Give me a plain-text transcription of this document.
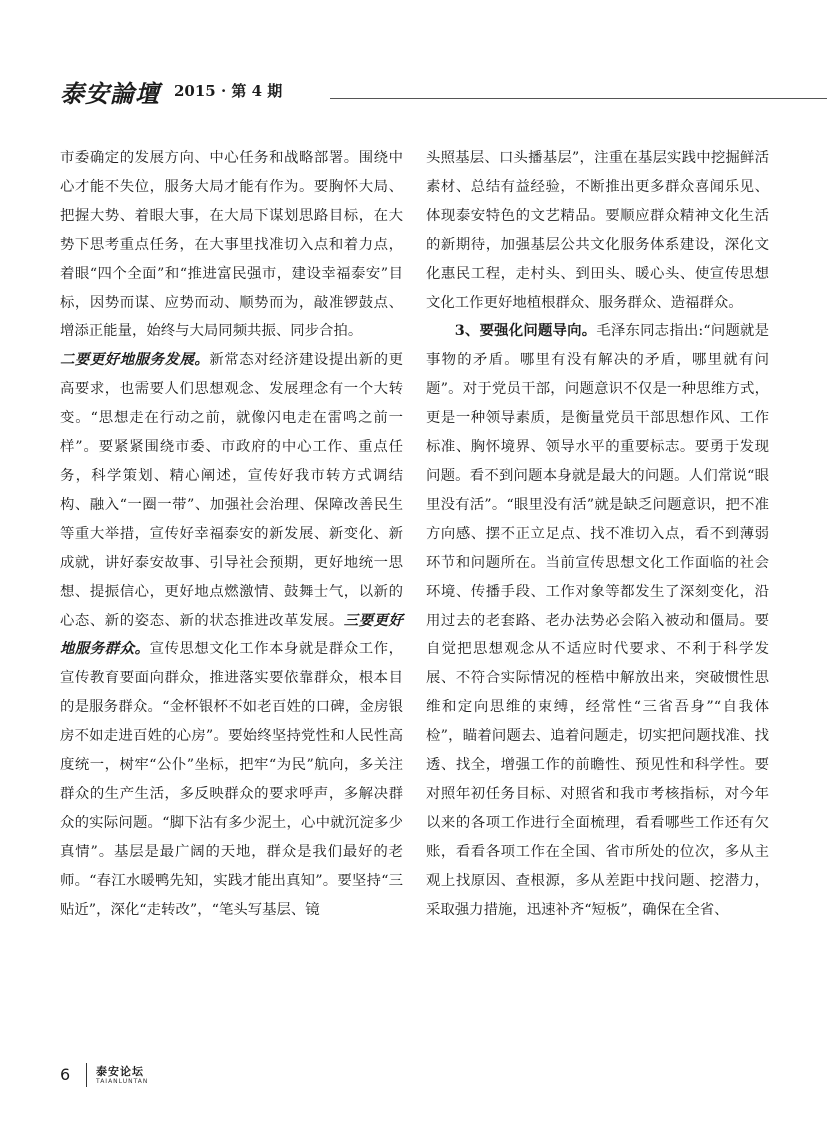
泰安論壇 2015 · 第 4 期

市委确定的发展方向、中心任务和战略部署。围绕中心才能不失位，服务大局才能有作为。要胸怀大局、把握大势、着眼大事，在大局下谋划思路目标，在大势下思考重点任务，在大事里找准切入点和着力点，着眼“四个全面”和“推进富民强市，建设幸福泰安”目标，因势而谋、应势而动、顺势而为，敲准锣鼓点、增添正能量，始终与大局同频共振、同步合拍。

二要更好地服务发展。新常态对经济建设提出新的更高要求，也需要人们思想观念、发展理念有一个大转变。“思想走在行动之前，就像闪电走在雷鸣之前一样”。要紧紧围绕市委、市政府的中心工作、重点任务，科学策划、精心阐述，宣传好我市转方式调结构、融入“一圈一带”、加强社会治理、保障改善民生等重大举措，宣传好幸福泰安的新发展、新变化、新成就，讲好泰安故事、引导社会预期，更好地统一思想、提振信心，更好地点燃激情、鼓舞士气，以新的心态、新的姿态、新的状态推进改革发展。三要更好地服务群众。宣传思想文化工作本身就是群众工作，宣传教育要面向群众，推进落实要依靠群众，根本目的是服务群众。“金杯银杯不如老百姓的口碑，金房银房不如走进百姓的心房”。要始终坚持党性和人民性高度统一，树牢“公仆”坐标，把牢“为民”航向，多关注群众的生产生活，多反映群众的要求呼声，多解决群众的实际问题。“脚下沾有多少泥土，心中就沉淀多少真情”。基层是最广阔的天地，群众是我们最好的老师。“春江水暖鸭先知，实践才能出真知”。要坚持“三贴近”，深化“走转改”，“笔头写基层、镜

头照基层、口头播基层”，注重在基层实践中挖掘鲜活素材、总结有益经验，不断推出更多群众喜闻乐见、体现泰安特色的文艺精品。要顺应群众精神文化生活的新期待，加强基层公共文化服务体系建设，深化文化惠民工程，走村头、到田头、暖心头、使宣传思想文化工作更好地植根群众、服务群众、造福群众。

3、要强化问题导向。毛泽东同志指出:“问题就是事物的矛盾。哪里有没有解决的矛盾，哪里就有问题”。对于党员干部，问题意识不仅是一种思维方式，更是一种领导素质，是衡量党员干部思想作风、工作标准、胸怀境界、领导水平的重要标志。要勇于发现问题。看不到问题本身就是最大的问题。人们常说“眼里没有活”。“眼里没有活”就是缺乏问题意识，把不准方向感、摆不正立足点、找不准切入点，看不到薄弱环节和问题所在。当前宣传思想文化工作面临的社会环境、传播手段、工作对象等都发生了深刻变化，沿用过去的老套路、老办法势必会陷入被动和僵局。要自觉把思想观念从不适应时代要求、不利于科学发展、不符合实际情况的桎梏中解放出来，突破惯性思维和定向思维的束缚，经常性“三省吾身”“自我体检”，瞄着问题去、追着问题走，切实把问题找准、找透、找全，增强工作的前瞻性、预见性和科学性。要对照年初任务目标、对照省和我市考核指标，对今年以来的各项工作进行全面梳理，看看哪些工作还有欠账，看看各项工作在全国、省市所处的位次，多从主观上找原因、查根源，多从差距中找问题、挖潜力，采取强力措施，迅速补齐“短板”，确保在全省、

6 泰安论坛
TAIANLUNTAN
